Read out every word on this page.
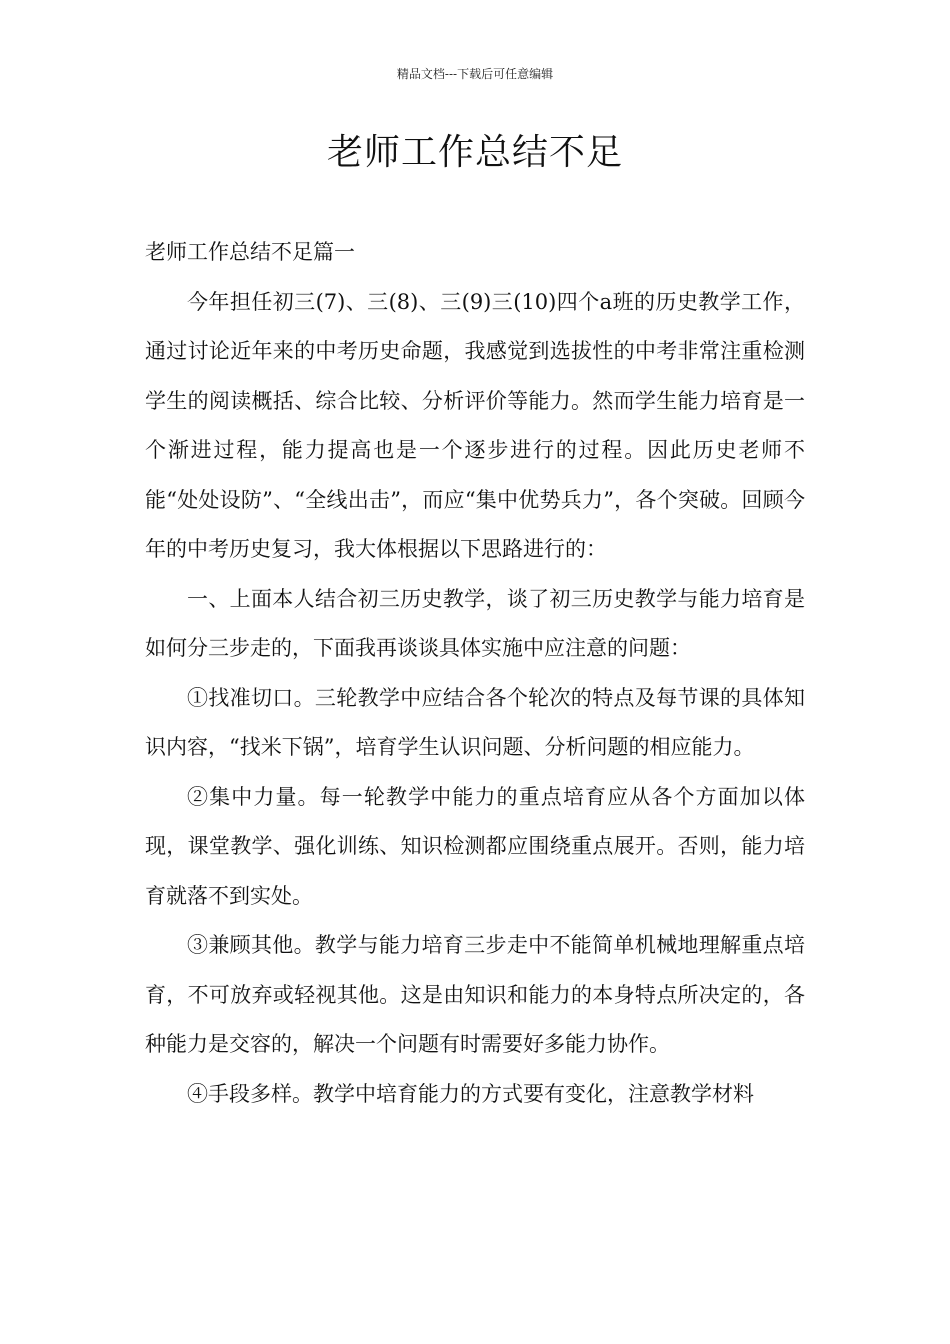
精品文档---下载后可任意编辑
老师工作总结不足

老师工作总结不足篇一

今年担任初三(7)、三(8)、三(9)三(10)四个a班的历史教学工作，通过讨论近年来的中考历史命题，我感觉到选拔性的中考非常注重检测学生的阅读概括、综合比较、分析评价等能力。然而学生能力培育是一个渐进过程，能力提高也是一个逐步进行的过程。因此历史老师不能“处处设防”、“全线出击”，而应“集中优势兵力”，各个突破。回顾今年的中考历史复习，我大体根据以下思路进行的：

一、上面本人结合初三历史教学，谈了初三历史教学与能力培育是如何分三步走的，下面我再谈谈具体实施中应注意的问题：

①找准切口。三轮教学中应结合各个轮次的特点及每节课的具体知识内容，“找米下锅”，培育学生认识问题、分析问题的相应能力。

②集中力量。每一轮教学中能力的重点培育应从各个方面加以体现，课堂教学、强化训练、知识检测都应围绕重点展开。否则，能力培育就落不到实处。

③兼顾其他。教学与能力培育三步走中不能简单机械地理解重点培育，不可放弃或轻视其他。这是由知识和能力的本身特点所决定的，各种能力是交容的，解决一个问题有时需要好多能力协作。

④手段多样。教学中培育能力的方式要有变化，注意教学材料
